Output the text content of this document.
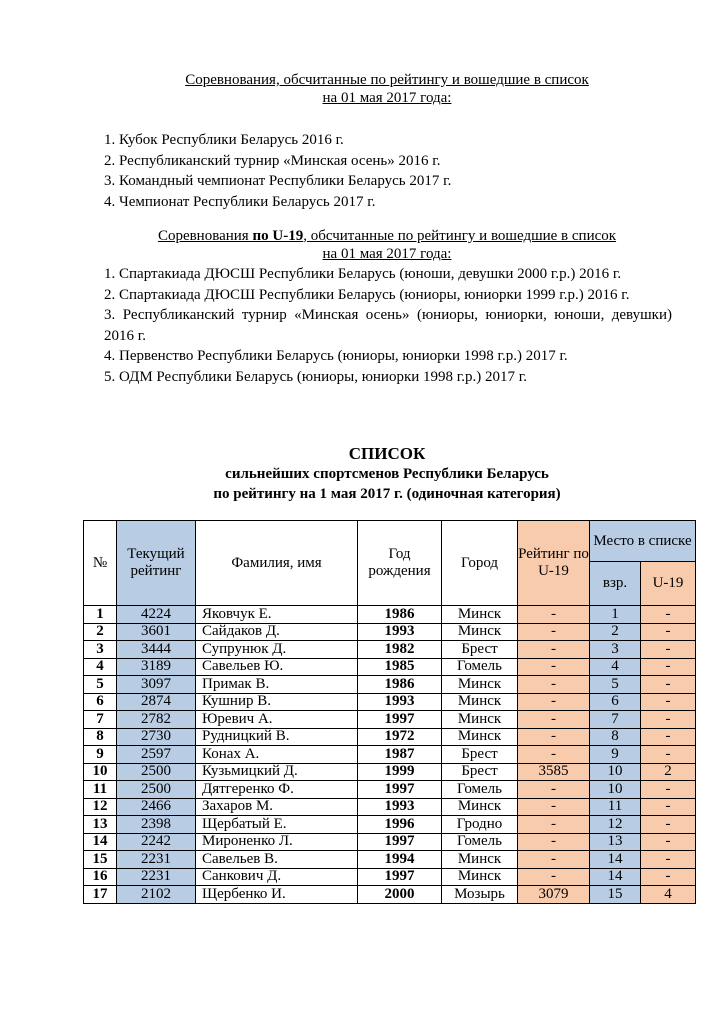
Соревнования, обсчитанные по рейтингу и вошедшие в список
на 01 мая 2017 года:
1. Кубок Республики Беларусь 2016 г.
2. Республиканский турнир «Минская осень» 2016 г.
3. Командный чемпионат Республики Беларусь 2017 г.
4. Чемпионат Республики Беларусь 2017 г.
Соревнования по U-19, обсчитанные по рейтингу и вошедшие в список
на 01 мая 2017 года:
1. Спартакиада ДЮСШ Республики Беларусь (юноши, девушки 2000 г.р.) 2016 г.
2. Спартакиада ДЮСШ Республики Беларусь (юниоры, юниорки 1999 г.р.) 2016 г.
3. Республиканский турнир «Минская осень» (юниоры, юниорки, юноши, девушки) 2016 г.
4. Первенство Республики Беларусь (юниоры, юниорки 1998 г.р.) 2017 г.
5. ОДМ Республики Беларусь (юниоры, юниорки 1998 г.р.) 2017 г.
СПИСОК
сильнейших спортсменов Республики Беларусь
по рейтингу на 1 мая 2017 г. (одиночная категория)
№	Текущий рейтинг	Фамилия, имя	Год рождения	Город	Рейтинг по U-19	Место в списке	
						взр.	U-19
1	4224	Яковчук Е.	1986	Минск	-	1	-
2	3601	Сайдаков Д.	1993	Минск	-	2	-
3	3444	Супрунюк Д.	1982	Брест	-	3	-
4	3189	Савельев Ю.	1985	Гомель	-	4	-
5	3097	Примак В.	1986	Минск	-	5	-
6	2874	Кушнир В.	1993	Минск	-	6	-
7	2782	Юревич А.	1997	Минск	-	7	-
8	2730	Рудницкий В.	1972	Минск	-	8	-
9	2597	Конах А.	1987	Брест	-	9	-
10	2500	Кузьмицкий Д.	1999	Брест	3585	10	2
11	2500	Дятгеренко Ф.	1997	Гомель	-	10	-
12	2466	Захаров М.	1993	Минск	-	11	-
13	2398	Щербатый Е.	1996	Гродно	-	12	-
14	2242	Мироненко Л.	1997	Гомель	-	13	-
15	2231	Савельев В.	1994	Минск	-	14	-
16	2231	Санкович Д.	1997	Минск	-	14	-
17	2102	Щербенко И.	2000	Мозырь	3079	15	4
